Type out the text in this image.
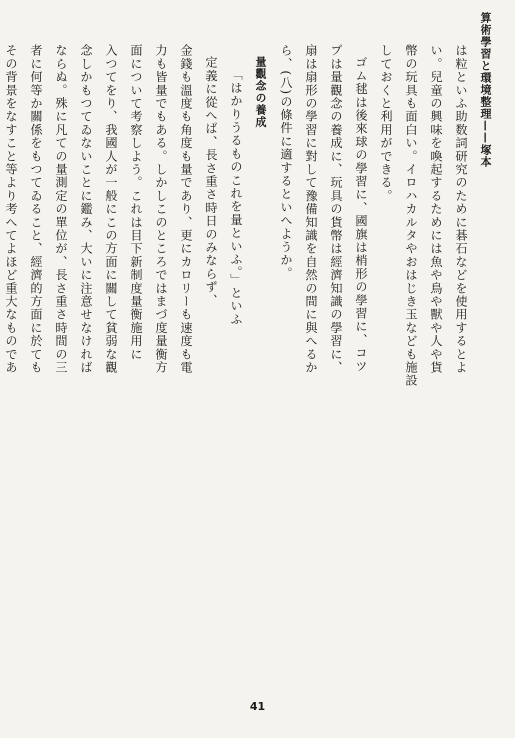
算術學習と環境整理——塚本
は粒といふ助数詞研究のために碁石などを使用するとよ
い。兒童の興味を喚起するためには魚や鳥や獸や人や貨
幣の玩具も面白い。イロハカルタやおはじき玉なども施設
しておくと利用ができる。
ゴム毬は後來球の學習に、國旗は梢形の學習に、コツ
プは量觀念の養成に、玩具の貨幣は經濟知識の學習に、
扇は扇形の學習に對して豫備知識を自然の間に與へるか
ら、(八)の條件に適するといへようか。
量觀念の養成
「はかりうるものこれを量といふ。」といふ
定義に從へば、長さ重さ時日のみならず、
金錢も溫度も角度も量であり、更にカロリーも速度も電
力も皆量でもある。しかしこのところではまづ度量衡方
面について考察しよう。これは目下新制度量衡施用に
入つてをり、我國人が一般にこの方面に關して貧弱な觀
念しかもつてゐないことに鑑み、大いに注意せなければ
ならぬ。殊に凡ての量測定の單位が、長さ重さ時間の三
者に何等か關係をもつてゐること、經濟的方面に於ても
その背景をなすこと等より考へてよほど重大なものであ
41
